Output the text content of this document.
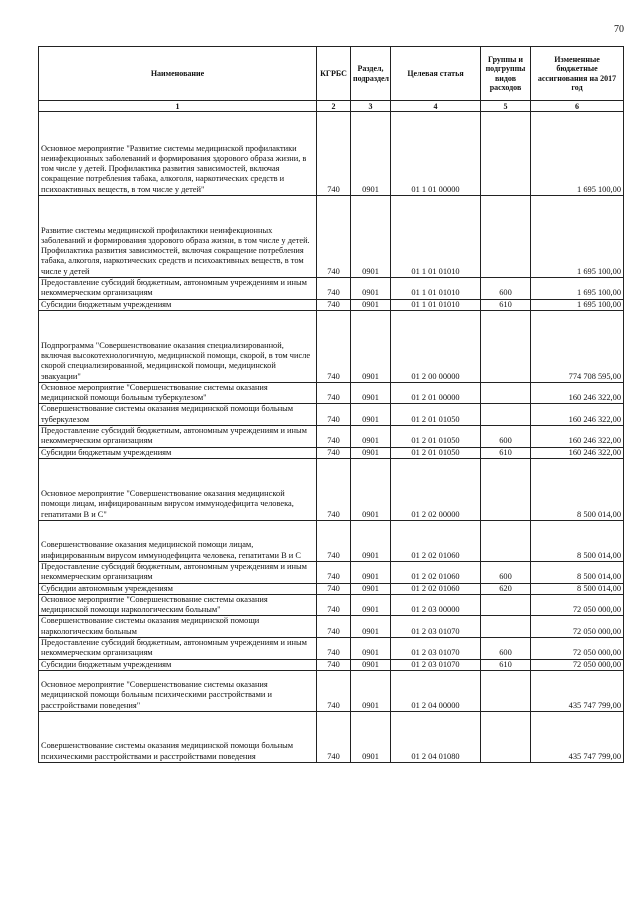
70
Наименование	КГРБС	Раздел, подраздел	Целевая статья	Группы и подгруппы видов расходов	Измененные бюджетные ассигнования на 2017 год
1	2	3	4	5	6
Основное мероприятие "Развитие системы медицинской профилактики неинфекционных заболеваний и формирования здорового образа жизни, в том числе у детей. Профилактика развития зависимостей, включая сокращение потребления табака, алкоголя, наркотических средств и психоактивных веществ, в том числе у детей"	740	0901	01 1 01 00000		1 695 100,00
Развитие системы медицинской профилактики неинфекционных заболеваний и формирования здорового образа жизни, в том числе у детей. Профилактика развития зависимостей, включая сокращение потребления табака, алкоголя, наркотических средств и психоактивных веществ, в том числе у детей	740	0901	01 1 01 01010		1 695 100,00
Предоставление субсидий бюджетным, автономным учреждениям и иным некоммерческим организациям	740	0901	01 1 01 01010	600	1 695 100,00
Субсидии бюджетным учреждениям	740	0901	01 1 01 01010	610	1 695 100,00
Подпрограмма "Совершенствование оказания специализированной, включая высокотехнологичную, медицинской помощи, скорой, в том числе скорой специализированной, медицинской помощи, медицинской эвакуации"	740	0901	01 2 00 00000		774 708 595,00
Основное мероприятие "Совершенствование системы оказания медицинской помощи больным туберкулезом"	740	0901	01 2 01 00000		160 246 322,00
Совершенствование системы оказания медицинской помощи больным туберкулезом	740	0901	01 2 01 01050		160 246 322,00
Предоставление субсидий бюджетным, автономным учреждениям и иным некоммерческим организациям	740	0901	01 2 01 01050	600	160 246 322,00
Субсидии бюджетным учреждениям	740	0901	01 2 01 01050	610	160 246 322,00
Основное мероприятие "Совершенствование оказания медицинской помощи лицам, инфицированным вирусом иммунодефицита человека, гепатитами В и С"	740	0901	01 2 02 00000		8 500 014,00
Совершенствование оказания медицинской помощи лицам, инфицированным вирусом иммунодефицита человека, гепатитами В и С	740	0901	01 2 02 01060		8 500 014,00
Предоставление субсидий бюджетным, автономным учреждениям и иным некоммерческим организациям	740	0901	01 2 02 01060	600	8 500 014,00
Субсидии автономным учреждениям	740	0901	01 2 02 01060	620	8 500 014,00
Основное мероприятие "Совершенствование системы оказания медицинской помощи наркологическим больным"	740	0901	01 2 03 00000		72 050 000,00
Совершенствование системы оказания медицинской помощи наркологическим больным	740	0901	01 2 03 01070		72 050 000,00
Предоставление субсидий бюджетным, автономным учреждениям и иным некоммерческим организациям	740	0901	01 2 03 01070	600	72 050 000,00
Субсидии бюджетным учреждениям	740	0901	01 2 03 01070	610	72 050 000,00
Основное мероприятие "Совершенствование системы оказания медицинской помощи больным психическими расстройствами и расстройствами поведения"	740	0901	01 2 04 00000		435 747 799,00
Совершенствование системы оказания медицинской помощи больным психическими расстройствами и расстройствами поведения	740	0901	01 2 04 01080		435 747 799,00
